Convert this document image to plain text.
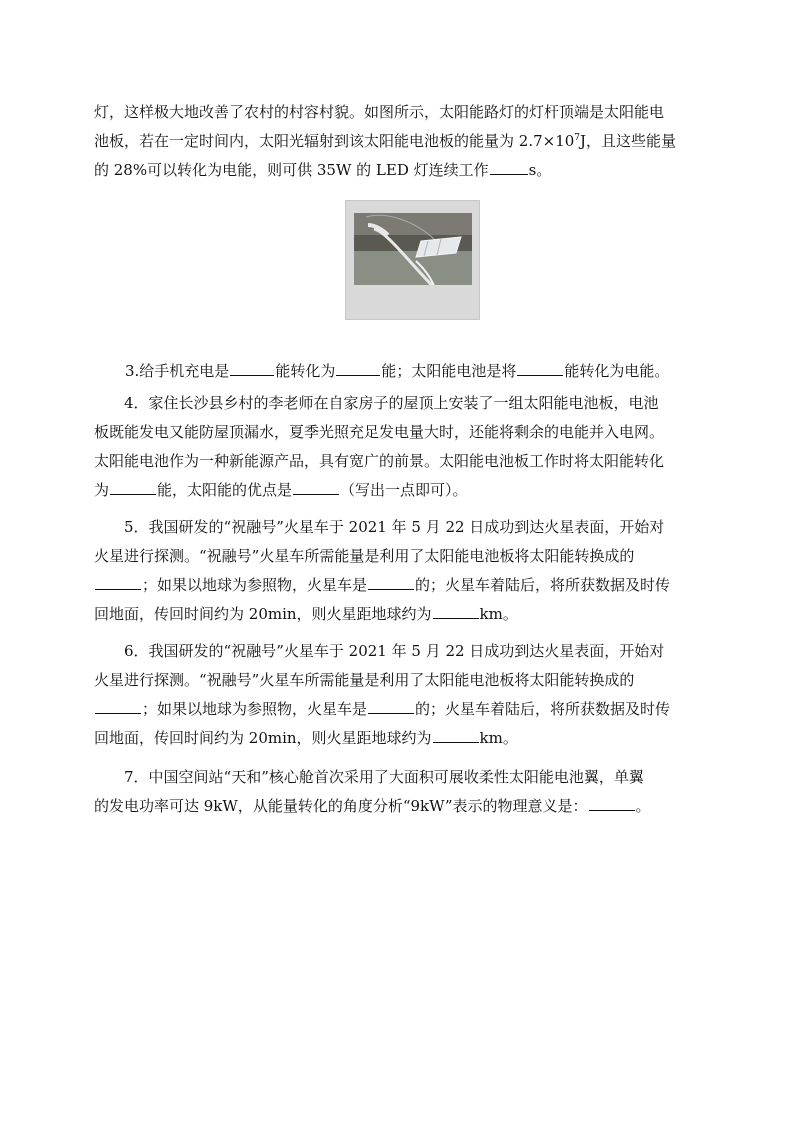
灯，这样极大地改善了农村的村容村貌。如图所示，太阳能路灯的灯杆顶端是太阳能电
池板，若在一定时间内，太阳光辐射到该太阳能电池板的能量为 $2.7\times 10^7J$，且这些能量
的 28%可以转化为电能，则可供 35W 的 LED 灯连续工作	s。
3.给手机充电是	能转化为	能；太阳能电池是将	能转化为电能。
4．家住长沙县乡村的李老师在自家房子的屋顶上安装了一组太阳能电池板，电池
板既能发电又能防屋顶漏水，夏季光照充足发电量大时，还能将剩余的电能并入电网。
太阳能电池作为一种新能源产品，具有宽广的前景。太阳能电池板工作时将太阳能转化
为	能，太阳能的优点是	（写出一点即可）。
5．我国研发的“祝融号”火星车于 2021 年 5 月 22 日成功到达火星表面，开始对
火星进行探测。“祝融号”火星车所需能量是利用了太阳能电池板将太阳能转换成的
；如果以地球为参照物，火星车是	的；火星车着陆后，将所获数据及时传
回地面，传回时间约为 20min，则火星距地球约为	km。
6．我国研发的“祝融号”火星车于 2021 年 5 月 22 日成功到达火星表面，开始对
火星进行探测。“祝融号”火星车所需能量是利用了太阳能电池板将太阳能转换成的
；如果以地球为参照物，火星车是	的；火星车着陆后，将所获数据及时传
回地面，传回时间约为 20min，则火星距地球约为	km。
7．中国空间站“天和”核心舱首次采用了大面积可展收柔性太阳能电池翼，单翼
的发电功率可达 9kW，从能量转化的角度分析“9kW”表示的物理意义是：	。
